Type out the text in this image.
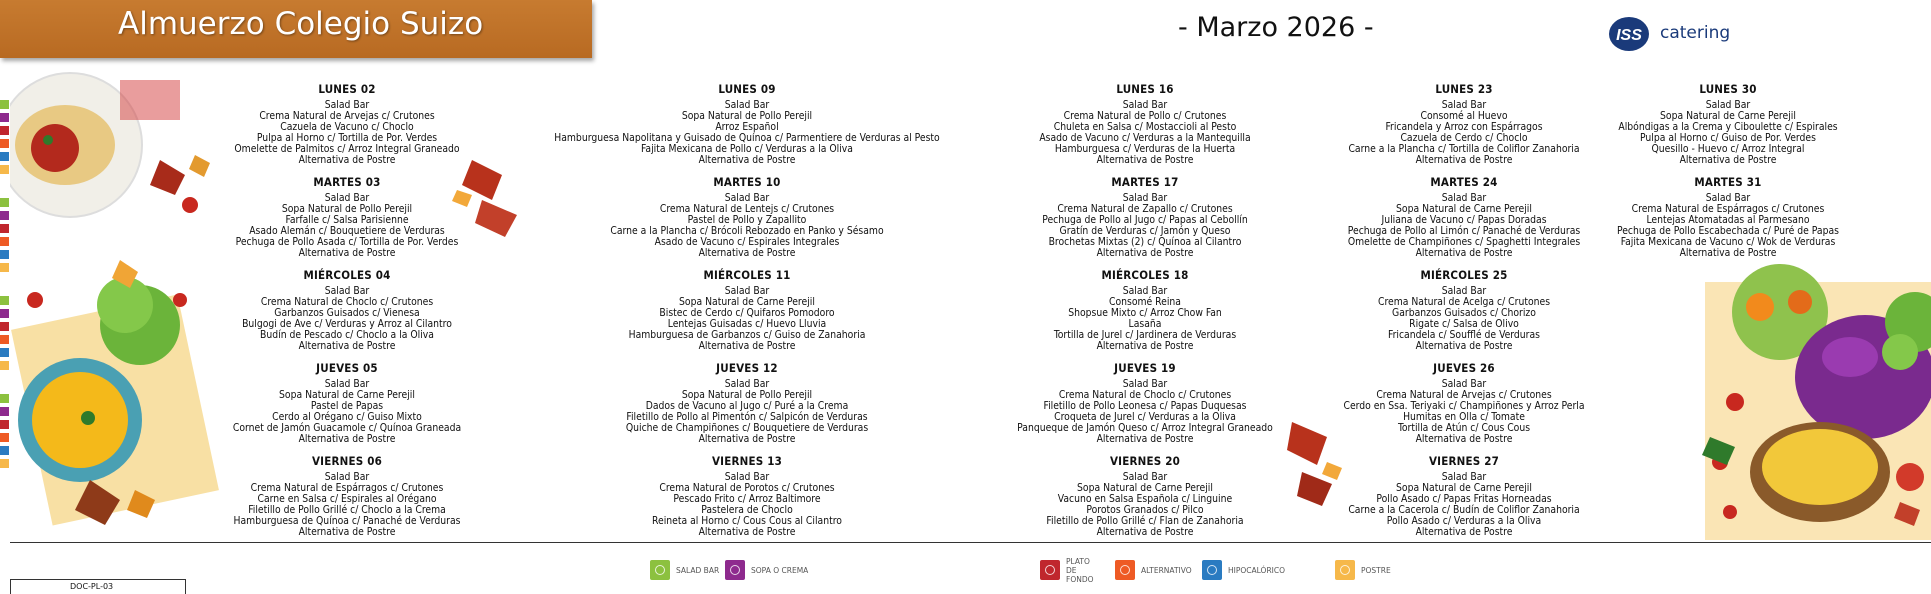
Almuerzo Colegio Suizo	- Marzo 2026 -	ISS catering
LUNES 02
Salad Bar
Crema Natural de Arvejas c/ Crutones
Cazuela de Vacuno c/ Choclo
Pulpa al Horno c/ Tortilla de Por. Verdes
Omelette de Palmitos c/ Arroz Integral Graneado
Alternativa de Postre
MARTES 03
Salad Bar
Sopa Natural de Pollo Perejil
Farfalle c/ Salsa Parisienne
Asado Alemán c/ Bouquetiere de Verduras
Pechuga de Pollo Asada c/ Tortilla de Por. Verdes
Alternativa de Postre
MIÉRCOLES 04
Salad Bar
Crema Natural de Choclo c/ Crutones
Garbanzos Guisados c/ Vienesa
Bulgogi de Ave c/ Verduras y Arroz al Cilantro
Budín de Pescado c/ Choclo a la Oliva
Alternativa de Postre
JUEVES 05
Salad Bar
Sopa Natural de Carne Perejil
Pastel de Papas
Cerdo al Orégano c/ Guiso Mixto
Cornet de Jamón Guacamole c/ Quínoa Graneada
Alternativa de Postre
VIERNES 06
Salad Bar
Crema Natural de Espárragos c/ Crutones
Carne en Salsa c/ Espirales al Orégano
Filetillo de Pollo Grillé c/ Choclo a la Crema
Hamburguesa de Quínoa c/ Panaché de Verduras
Alternativa de Postre
LUNES 09
Salad Bar
Sopa Natural de Pollo Perejil
Arroz Español
Hamburguesa Napolitana y Guisado de Quínoa c/ Parmentiere de Verduras al Pesto
Fajita Mexicana de Pollo c/ Verduras a la Oliva
Alternativa de Postre
MARTES 10
Salad Bar
Crema Natural de Lentejs c/ Crutones
Pastel de Pollo y Zapallito
Carne a la Plancha c/ Brócoli Rebozado en Panko y Sésamo
Asado de Vacuno c/ Espirales Integrales
Alternativa de Postre
MIÉRCOLES 11
Salad Bar
Sopa Natural de Carne Perejil
Bistec de Cerdo c/ Quifaros Pomodoro
Lentejas Guisadas c/ Huevo Lluvia
Hamburguesa de Garbanzos c/ Guiso de Zanahoria
Alternativa de Postre
JUEVES 12
Salad Bar
Sopa Natural de Pollo Perejil
Dados de Vacuno al Jugo c/ Puré a la Crema
Filetillo de Pollo al Pimentón c/ Salpicón de Verduras
Quiche de Champiñones c/ Bouquetiere de Verduras
Alternativa de Postre
VIERNES 13
Salad Bar
Crema Natural de Porotos c/ Crutones
Pescado Frito c/ Arroz Baltimore
Pastelera de Choclo
Reineta al Horno c/ Cous Cous al Cilantro
Alternativa de Postre
LUNES 16
Salad Bar
Crema Natural de Pollo c/ Crutones
Chuleta en Salsa c/ Mostaccioli al Pesto
Asado de Vacuno c/ Verduras a la Mantequilla
Hamburguesa c/ Verduras de la Huerta
Alternativa de Postre
MARTES 17
Salad Bar
Crema Natural de Zapallo c/ Crutones
Pechuga de Pollo al Jugo c/ Papas al Cebollín
Gratín de Verduras c/ Jamón y Queso
Brochetas Mixtas (2) c/ Quínoa al Cilantro
Alternativa de Postre
MIÉRCOLES 18
Salad Bar
Consomé Reina
Shopsue Mixto c/ Arroz Chow Fan
Lasaña
Tortilla de Jurel c/ Jardinera de Verduras
Alternativa de Postre
JUEVES 19
Salad Bar
Crema Natural de Choclo c/ Crutones
Filetillo de Pollo Leonesa c/ Papas Duquesas
Croqueta de Jurel c/ Verduras a la Oliva
Panqueque de Jamón Queso c/ Arroz Integral Graneado
Alternativa de Postre
VIERNES 20
Salad Bar
Sopa Natural de Carne Perejil
Vacuno en Salsa Española c/ Linguine
Porotos Granados c/ Pilco
Filetillo de Pollo Grillé c/ Flan de Zanahoria
Alternativa de Postre
LUNES 23
Salad Bar
Consomé al Huevo
Fricandela y Arroz con Espárragos
Cazuela de Cerdo c/ Choclo
Carne a la Plancha c/ Tortilla de Coliflor Zanahoria
Alternativa de Postre
MARTES 24
Salad Bar
Sopa Natural de Carne Perejil
Juliana de Vacuno c/ Papas Doradas
Pechuga de Pollo al Limón c/ Panaché de Verduras
Omelette de Champiñones c/ Spaghetti Integrales
Alternativa de Postre
MIÉRCOLES 25
Salad Bar
Crema Natural de Acelga c/ Crutones
Garbanzos Guisados c/ Chorizo
Rigate c/ Salsa de Olivo
Fricandela c/ Soufflé de Verduras
Alternativa de Postre
JUEVES 26
Salad Bar
Crema Natural de Arvejas c/ Crutones
Cerdo en Ssa. Teriyaki c/ Champiñones y Arroz Perla
Humitas en Olla c/ Tomate
Tortilla de Atún c/ Cous Cous
Alternativa de Postre
VIERNES 27
Salad Bar
Sopa Natural de Carne Perejil
Pollo Asado c/ Papas Fritas Horneadas
Carne a la Cacerola c/ Budín de Coliflor Zanahoria
Pollo Asado c/ Verduras a la Oliva
Alternativa de Postre
LUNES 30
Salad Bar
Sopa Natural de Carne Perejil
Albóndigas a la Crema y Ciboulette c/ Espirales
Pulpa al Horno c/ Guiso de Por. Verdes
Quesillo - Huevo c/ Arroz Integral
Alternativa de Postre
MARTES 31
Salad Bar
Crema Natural de Espárragos c/ Crutones
Lentejas Atomatadas al Parmesano
Pechuga de Pollo Escabechada c/ Puré de Papas
Fajita Mexicana de Vacuno c/ Wok de Verduras
Alternativa de Postre
SALAD BAR	SOPA O CREMA
PLATO DE FONDO
ALTERNATIVO	HIPOCALÓRICO	POSTRE
DOC-PL-03
